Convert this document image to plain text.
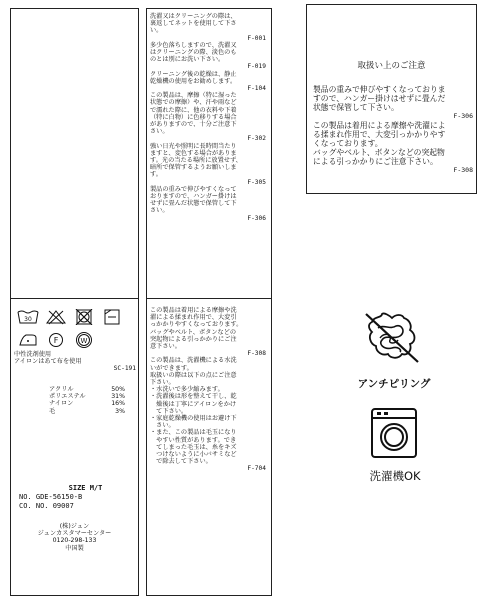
30
F	W
中性洗剤使用
アイロンはあて布を使用
SC-191
アクリル	50%
ポリエステル	31%
ナイロン	16%
毛	3%
SIZE M/T
NO. GDE-56150-B
CO. NO. 09007
(株)ジュン
ジュンカスタマーセンター
0120-298-133
中国製
洗濯又はクリーニングの際は、
裏返してネットを使用して下さ
い。
F-001
多少色落ちしますので、洗濯又
はクリーニングの際、淡色のも
のとは別にお洗い下さい。
F-019
クリーニング後の乾燥は、静止
乾燥機の使用をお勧めします。
F-104
この製品は、摩擦（特に湿った
状態での摩擦）や、汗や雨など
で濡れた際に、他の衣料や下着
（特に白物）に色移りする場合
がありますので、十分ご注意下
さい。
F-302
強い日光や照明に長時間当たり
ますと、変色する場合がありま
す。光の当たる場所に放置せず、
暗所で保管するようお願いしま
す。
F-305
製品の重みで伸びやすくなって
おりますので、ハンガー掛けは
せずに畳んだ状態で保管して下
さい。
F-306
この製品は着用による摩擦や洗
濯による揉まれ作用で、大変引
っかかりやすくなっております。
バッグやベルト、ボタンなどの
突起物による引っかかりにご注
意下さい。
F-308
この製品は、洗濯機による水洗
いができます。
取扱いの際は以下の点にご注意
下さい。
・水洗いで多少縮みます。
・洗濯後は形を整えて干し、乾
　燥後は丁寧にアイロンをかけ
　て下さい。
・家庭乾燥機の使用はお避け下
　さい。
・また、この製品は毛玉になり
　やすい性質があります。でき
　てしまった毛玉は、糸をキズ
　つけないように小バサミなど
　で除去して下さい。
F-704
取扱い上のご注意
製品の重みで伸びやすくなっておりま
すので、ハンガー掛けはせずに畳んだ
状態で保管して下さい。
F-306
この製品は着用による摩擦や洗濯によ
る揉まれ作用で、大変引っかかりやす
くなっております。
バッグやベルト、ボタンなどの突起物
による引っかかりにご注意下さい。
F-308
アンチピリング
洗濯機OK
